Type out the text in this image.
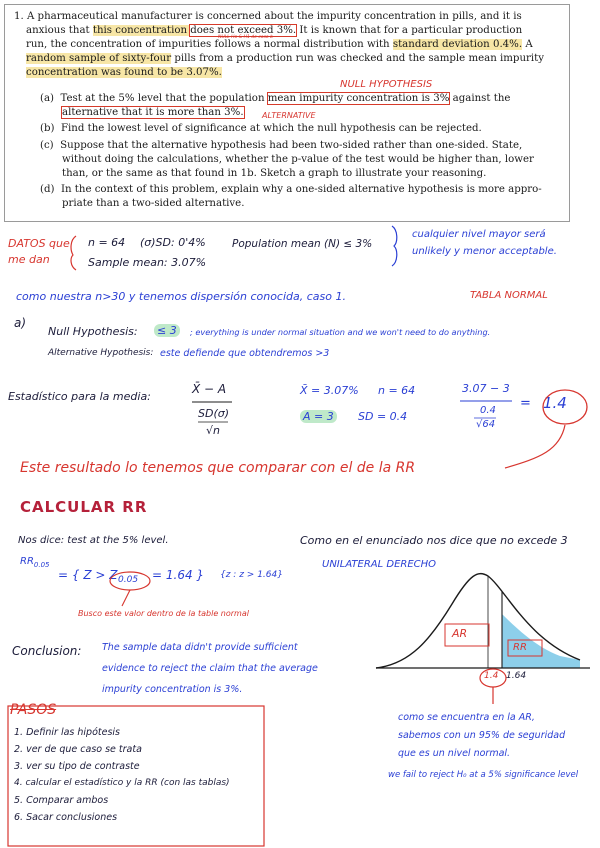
1. A pharmaceutical manufacturer is concerned about the impurity concentration in pills, and it is
anxious that this concentration does not exceed 3%. It is known that for a particular production
run, the concentration of impurities follows a normal distribution with standard deviation 0.4%. A
random sample of sixty-four pills from a production run was checked and the sample mean impurity
concentration was found to be 3.07%.
NULL Ho & H1 de caso b
NULL HYPOTHESIS
ALTERNATIVE
(a) Test at the 5% level that the population mean impurity concentration is 3% against the
alternative that it is more than 3%.
(b) Find the lowest level of significance at which the null hypothesis can be rejected.
(c) Suppose that the alternative hypothesis had been two-sided rather than one-sided. State,
without doing the calculations, whether the p-value of the test would be higher than, lower
than, or the same as that found in 1b. Sketch a graph to illustrate your reasoning.
(d) In the context of this problem, explain why a one-sided alternative hypothesis is more appro-
priate than a two-sided alternative.
DATOS que
me dan
n = 64 (σ)SD: 0'4%	Population mean (N) ≤ 3%
Sample mean: 3.07%
cualquier nivel mayor será
unlikely y menor acceptable.
como nuestra n>30 y tenemos dispersión conocida, caso 1.	TABLA NORMAL
a)
Null Hypothesis: ≤ 3	; everything is under normal situation and we won't need to do anything.
Alternative Hypothesis: este defiende que obtendremos >3
Estadístico para la media:
X̄ − A
SD(σ)
√n
X̄ = 3.07% n = 64
A = 3 SD = 0.4
3.07 − 3
0.4
√64
= 1.4
Este resultado lo tenemos que comparar con el de la RR
CALCULAR RR
Nos dice: test at the 5% level.
$RR_{0.05}$
= { Z > Z 0.05 = 1.64 } {z : z > 1.64}
Como en el enunciado nos dice que no excede 3
UNILATERAL DERECHO
Busco este valor dentro de la table normal
Conclusion: The sample data didn't provide sufficient
evidence to reject the claim that the average
impurity concentration is 3%.
AR
RR
1.4 1.64
como se encuentra en la AR,
sabemos con un 95% de seguridad
que es un nivel normal.
we fail to reject H₀ at a 5% significance level
PASOS
1. Definir las hipótesis
2. ver de que caso se trata
3. ver su tipo de contraste
4. calcular el estadístico y la RR (con las tablas)
5. Comparar ambos
6. Sacar conclusiones
